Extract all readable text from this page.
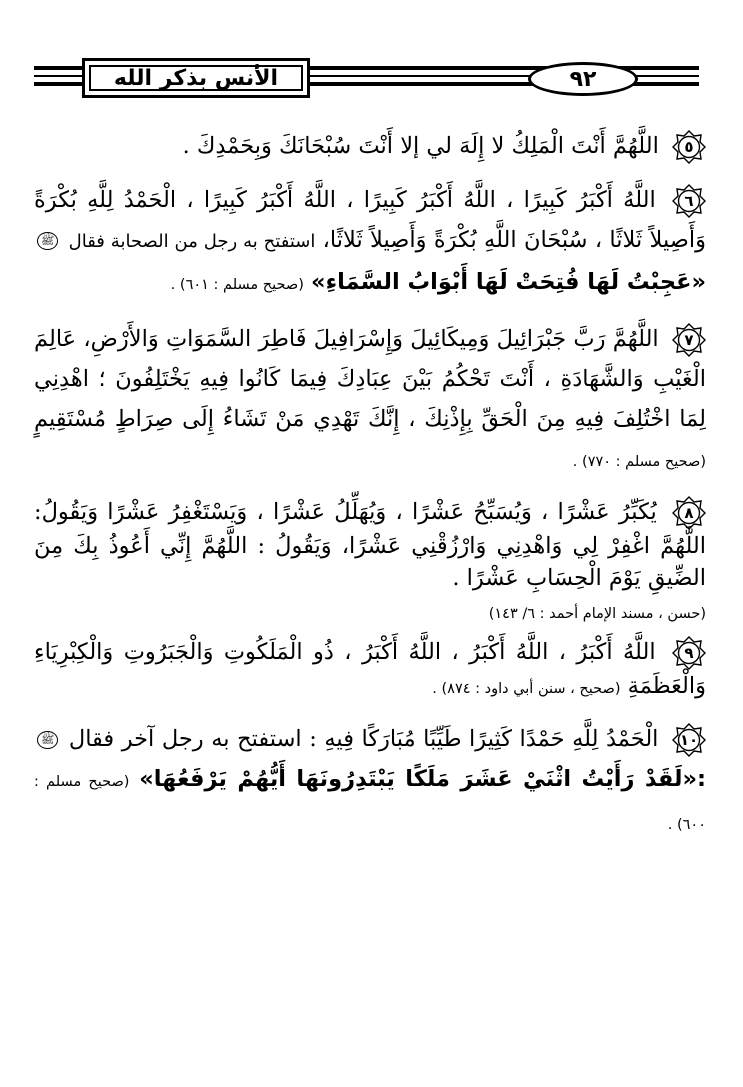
الأنس بذكر الله	٩٢

٥
اللَّهُمَّ أَنْتَ الْمَلِكُ لا إِلَهَ لي إلا أَنْتَ سُبْحَانَكَ وَبِحَمْدِكَ .

٦
اللَّهُ أَكْبَرُ كَبِيرًا ، اللَّهُ أَكْبَرُ كَبِيرًا ، اللَّهُ أَكْبَرُ كَبِيرًا ، الْحَمْدُ لِلَّهِ بُكْرَةً وَأَصِيلاً ثَلاثًا ، سُبْحَانَ اللَّهِ بُكْرَةً وَأَصِيلاً ثَلاثًا، استفتح به رجل من الصحابة فقال ﷺ «عَجِبْتُ لَهَا فُتِحَتْ لَهَا أَبْوَابُ السَّمَاءِ» (صحيح مسلم : ٦٠١) .

٧
اللَّهُمَّ رَبَّ جَبْرَائِيلَ وَمِيكَائِيلَ وَإِسْرَافِيلَ فَاطِرَ السَّمَوَاتِ وَالأَرْضِ، عَالِمَ الْغَيْبِ وَالشَّهَادَةِ ، أَنْتَ تَحْكُمُ بَيْنَ عِبَادِكَ فِيمَا كَانُوا فِيهِ يَخْتَلِفُونَ ؛ اهْدِنِي لِمَا اخْتُلِفَ فِيهِ مِنَ الْحَقِّ بِإِذْنِكَ ، إِنَّكَ تَهْدِي مَنْ تَشَاءُ إِلَى صِرَاطٍ مُسْتَقِيمٍ (صحيح مسلم : ٧٧٠) .

٨
يُكَبِّرُ عَشْرًا ، وَيُسَبِّحُ عَشْرًا ، وَيُهَلِّلُ عَشْرًا ، وَيَسْتَغْفِرُ عَشْرًا وَيَقُولُ: اللَّهُمَّ اغْفِرْ لِي وَاهْدِنِي وَارْزُقْنِي عَشْرًا، وَيَقُولُ : اللَّهُمَّ إِنِّي أَعُوذُ بِكَ مِنَ الضِّيقِ يَوْمَ الْحِسَابِ عَشْرًا .

(حسن ، مسند الإمام أحمد : ٦/ ١٤٣)

٩
اللَّهُ أَكْبَرُ ، اللَّهُ أَكْبَرُ ، اللَّهُ أَكْبَرُ ، ذُو الْمَلَكُوتِ وَالْجَبَرُوتِ وَالْكِبْرِيَاءِ وَالْعَظَمَةِ (صحيح ، سنن أبي داود : ٨٧٤) .

١٠
الْحَمْدُ لِلَّهِ حَمْدًا كَثِيرًا طَيِّبًا مُبَارَكًا فِيهِ : استفتح به رجل آخر فقال ﷺ :«لَقَدْ رَأَيْتُ اثْنَيْ عَشَرَ مَلَكًا يَبْتَدِرُونَهَا أَيُّهُمْ يَرْفَعُهَا» (صحيح مسلم : ٦٠٠) .
